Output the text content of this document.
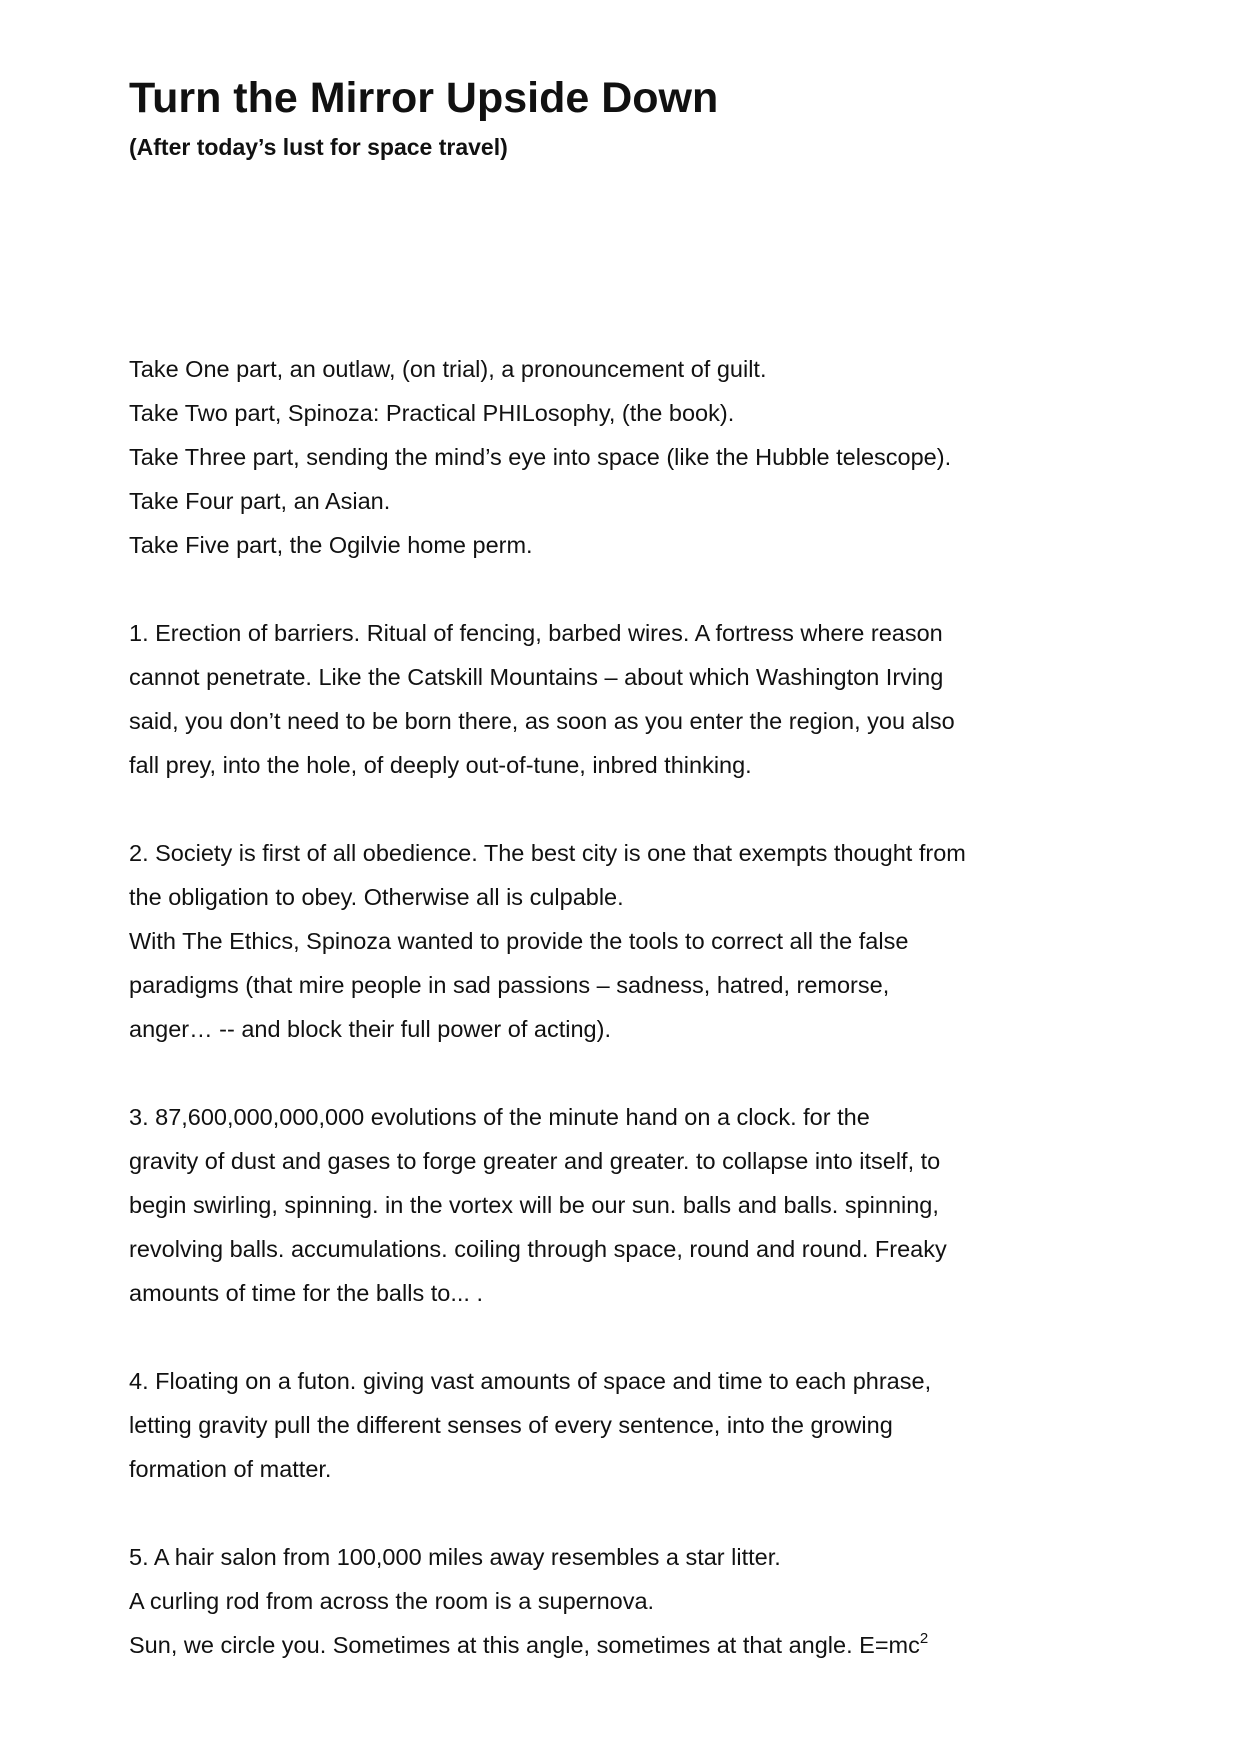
Turn the Mirror Upside Down
(After today’s lust for space travel)
Take One part, an outlaw, (on trial), a pronouncement of guilt.
Take Two part, Spinoza: Practical PHILosophy, (the book).
Take Three part, sending the mind’s eye into space (like the Hubble telescope).
Take Four part, an Asian.
Take Five part, the Ogilvie home perm.
1. Erection of barriers. Ritual of fencing, barbed wires. A fortress where reason
cannot penetrate. Like the Catskill Mountains – about which Washington Irving
said, you don’t need to be born there, as soon as you enter the region, you also
fall prey, into the hole, of deeply out-of-tune, inbred thinking.
2. Society is first of all obedience. The best city is one that exempts thought from
the obligation to obey. Otherwise all is culpable.
With The Ethics, Spinoza wanted to provide the tools to correct all the false
paradigms (that mire people in sad passions – sadness, hatred, remorse,
anger… -- and block their full power of acting).
3. 87,600,000,000,000 evolutions of the minute hand on a clock. for the
gravity of dust and gases to forge greater and greater. to collapse into itself, to
begin swirling, spinning. in the vortex will be our sun. balls and balls. spinning,
revolving balls. accumulations. coiling through space, round and round. Freaky
amounts of time for the balls to... .
4. Floating on a futon. giving vast amounts of space and time to each phrase,
letting gravity pull the different senses of every sentence, into the growing
formation of matter.
5. A hair salon from 100,000 miles away resembles a star litter.
A curling rod from across the room is a supernova.
Sun, we circle you. Sometimes at this angle, sometimes at that angle. $E=mc^2$
